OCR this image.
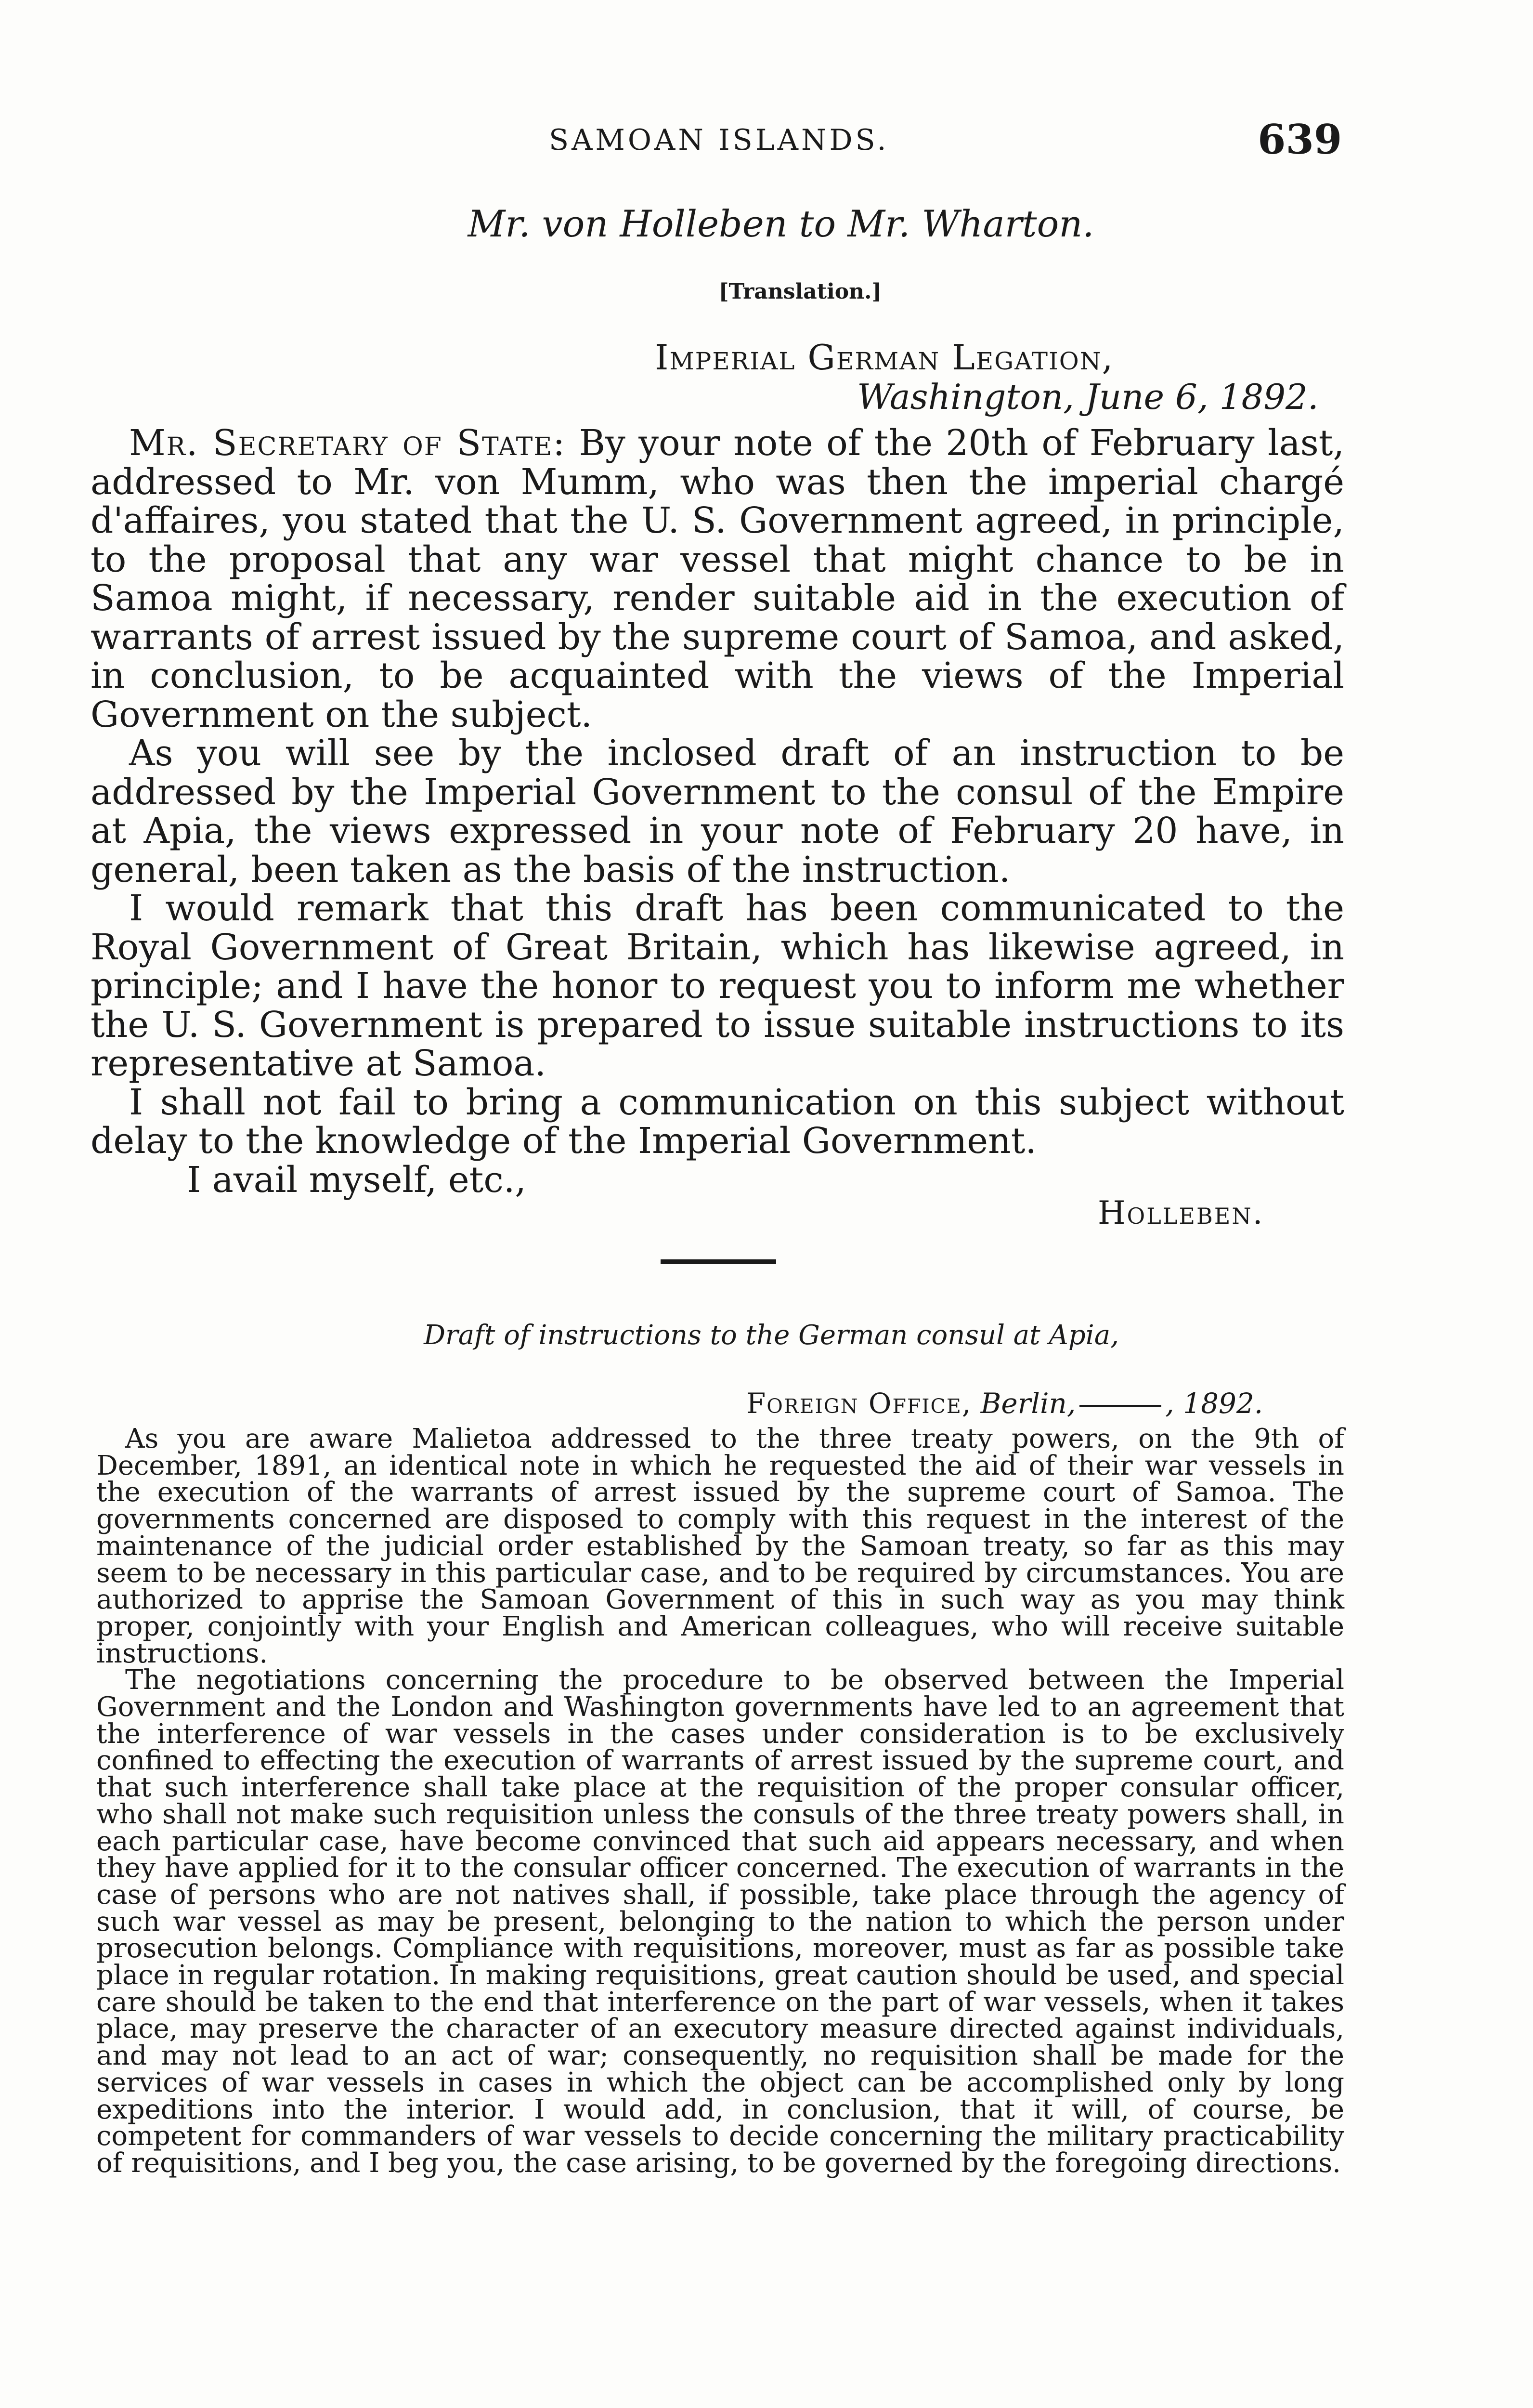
SAMOAN ISLANDS.	639
Mr. von Holleben to Mr. Wharton.
[Translation.]
Imperial German Legation,
Washington, June 6, 1892.

Mr. Secretary of State: By your note of the 20th of February last, addressed to Mr. von Mumm, who was then the imperial chargé d'affaires, you stated that the U. S. Government agreed, in principle, to the proposal that any war vessel that might chance to be in Samoa might, if necessary, render suitable aid in the execution of warrants of arrest issued by the supreme court of Samoa, and asked, in conclusion, to be acquainted with the views of the Imperial Government on the subject.

As you will see by the inclosed draft of an instruction to be addressed by the Imperial Government to the consul of the Empire at Apia, the views expressed in your note of February 20 have, in general, been taken as the basis of the instruction.

I would remark that this draft has been communicated to the Royal Government of Great Britain, which has likewise agreed, in principle; and I have the honor to request you to inform me whether the U. S. Government is prepared to issue suitable instructions to its representative at Samoa.

I shall not fail to bring a communication on this subject without delay to the knowledge of the Imperial Government.

I avail myself, etc.,

Holleben.
Draft of instructions to the German consul at Apia,
Foreign Office, Berlin,	, 1892.

As you are aware Malietoa addressed to the three treaty powers, on the 9th of December, 1891, an identical note in which he requested the aid of their war vessels in the execution of the warrants of arrest issued by the supreme court of Samoa. The governments concerned are disposed to comply with this request in the interest of the maintenance of the judicial order established by the Samoan treaty, so far as this may seem to be necessary in this particular case, and to be required by circumstances. You are authorized to apprise the Samoan Government of this in such way as you may think proper, conjointly with your English and American colleagues, who will receive suitable instructions.

The negotiations concerning the procedure to be observed between the Imperial Government and the London and Washington governments have led to an agreement that the interference of war vessels in the cases under consideration is to be exclusively confined to effecting the execution of warrants of arrest issued by the supreme court, and that such interference shall take place at the requisition of the proper consular officer, who shall not make such requisition unless the consuls of the three treaty powers shall, in each particular case, have become convinced that such aid appears necessary, and when they have applied for it to the consular officer concerned. The execution of warrants in the case of persons who are not natives shall, if possible, take place through the agency of such war vessel as may be present, belonging to the nation to which the person under prosecution belongs. Compliance with requisitions, moreover, must as far as possible take place in regular rotation. In making requisitions, great caution should be used, and special care should be taken to the end that interference on the part of war vessels, when it takes place, may preserve the character of an executory measure directed against individuals, and may not lead to an act of war; consequently, no requisition shall be made for the services of war vessels in cases in which the object can be accomplished only by long expeditions into the interior. I would add, in conclusion, that it will, of course, be competent for commanders of war vessels to decide concerning the military practicability of requisitions, and I beg you, the case arising, to be governed by the foregoing directions.
